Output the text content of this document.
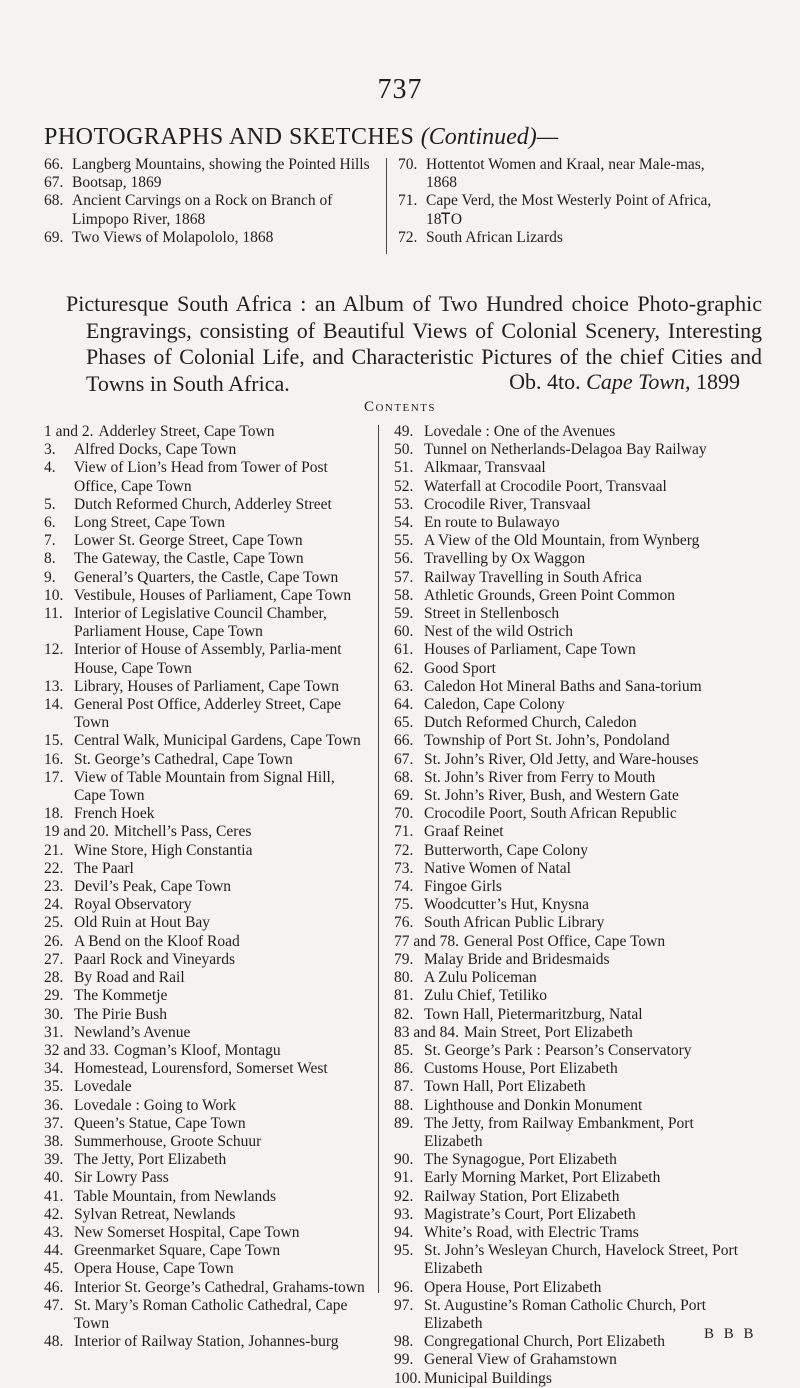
737
PHOTOGRAPHS AND SKETCHES (Continued)—
66. Langberg Mountains, showing the Pointed Hills
67. Bootsap, 1869
68. Ancient Carvings on a Rock on Branch of Limpopo River, 1868
69. Two Views of Molapololo, 1868
70. Hottentot Women and Kraal, near Male-mas, 1868
71. Cape Verd, the Most Westerly Point of Africa, 18ᎢO
72. South African Lizards
Picturesque South Africa : an Album of Two Hundred choice Photo-graphic Engravings, consisting of Beautiful Views of Colonial Scenery, Interesting Phases of Colonial Life, and Characteristic Pictures of the chief Cities and Towns in South Africa.	Ob. 4to. Cape Town, 1899
Contents
1 and 2. Adderley Street, Cape Town
3.	Alfred Docks, Cape Town
4.	View of Lion’s Head from Tower of Post Office, Cape Town
5.	Dutch Reformed Church, Adderley Street
6.	Long Street, Cape Town
7.	Lower St. George Street, Cape Town
8.	The Gateway, the Castle, Cape Town
9.	General’s Quarters, the Castle, Cape Town
10. Vestibule, Houses of Parliament, Cape Town
11. Interior of Legislative Council Chamber, Parliament House, Cape Town
12. Interior of House of Assembly, Parlia-ment House, Cape Town
13. Library, Houses of Parliament, Cape Town
14. General Post Office, Adderley Street, Cape Town
15. Central Walk, Municipal Gardens, Cape Town
16. St. George’s Cathedral, Cape Town
17. View of Table Mountain from Signal Hill, Cape Town
18. French Hoek
19 and 20. Mitchell’s Pass, Ceres
21. Wine Store, High Constantia
22. The Paarl
23. Devil’s Peak, Cape Town
24. Royal Observatory
25. Old Ruin at Hout Bay
26. A Bend on the Kloof Road
27. Paarl Rock and Vineyards
28. By Road and Rail
29. The Kommetje
30. The Pirie Bush
31. Newland’s Avenue
32 and 33. Cogman’s Kloof, Montagu
34. Homestead, Lourensford, Somerset West
35. Lovedale
36. Lovedale : Going to Work
37. Queen’s Statue, Cape Town
38. Summerhouse, Groote Schuur
39. The Jetty, Port Elizabeth
40. Sir Lowry Pass
41. Table Mountain, from Newlands
42. Sylvan Retreat, Newlands
43. New Somerset Hospital, Cape Town
44. Greenmarket Square, Cape Town
45. Opera House, Cape Town
46. Interior St. George’s Cathedral, Grahams-town
47. St. Mary’s Roman Catholic Cathedral, Cape Town
48. Interior of Railway Station, Johannes-burg
49. Lovedale : One of the Avenues
50. Tunnel on Netherlands-Delagoa Bay Railway
51. Alkmaar, Transvaal
52. Waterfall at Crocodile Poort, Transvaal
53. Crocodile River, Transvaal
54. En route to Bulawayo
55. A View of the Old Mountain, from Wynberg
56. Travelling by Ox Waggon
57. Railway Travelling in South Africa
58. Athletic Grounds, Green Point Common
59. Street in Stellenbosch
60. Nest of the wild Ostrich
61. Houses of Parliament, Cape Town
62. Good Sport
63. Caledon Hot Mineral Baths and Sana-torium
64. Caledon, Cape Colony
65. Dutch Reformed Church, Caledon
66. Township of Port St. John’s, Pondoland
67. St. John’s River, Old Jetty, and Ware-houses
68. St. John’s River from Ferry to Mouth
69. St. John’s River, Bush, and Western Gate
70. Crocodile Poort, South African Republic
71. Graaf Reinet
72. Butterworth, Cape Colony
73. Native Women of Natal
74. Fingoe Girls
75. Woodcutter’s Hut, Knysna
76. South African Public Library
77 and 78. General Post Office, Cape Town
79. Malay Bride and Bridesmaids
80. A Zulu Policeman
81. Zulu Chief, Tetiliko
82. Town Hall, Pietermaritzburg, Natal
83 and 84. Main Street, Port Elizabeth
85. St. George’s Park : Pearson’s Conservatory
86. Customs House, Port Elizabeth
87. Town Hall, Port Elizabeth
88. Lighthouse and Donkin Monument
89. The Jetty, from Railway Embankment, Port Elizabeth
90. The Synagogue, Port Elizabeth
91. Early Morning Market, Port Elizabeth
92. Railway Station, Port Elizabeth
93. Magistrate’s Court, Port Elizabeth
94. White’s Road, with Electric Trams
95. St. John’s Wesleyan Church, Havelock Street, Port Elizabeth
96. Opera House, Port Elizabeth
97. St. Augustine’s Roman Catholic Church, Port Elizabeth
98. Congregational Church, Port Elizabeth
99. General View of Grahamstown
100. Municipal Buildings
B B B
